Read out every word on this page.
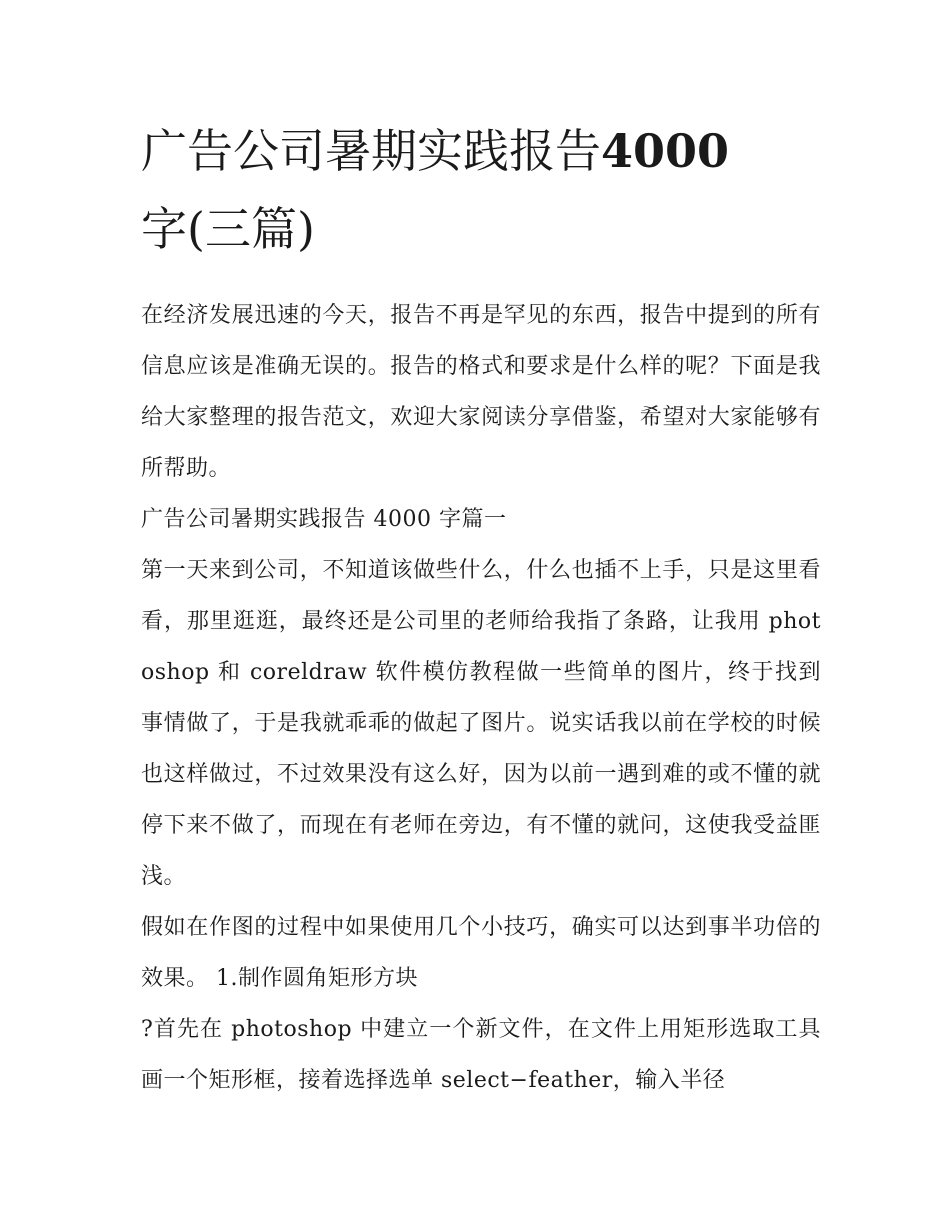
广告公司暑期实践报告4000
字(三篇)

在经济发展迅速的今天，报告不再是罕见的东西，报告中提到的所有信息应该是准确无误的。报告的格式和要求是什么样的呢？下面是我给大家整理的报告范文，欢迎大家阅读分享借鉴，希望对大家能够有所帮助。

广告公司暑期实践报告 4000 字篇一

第一天来到公司，不知道该做些什么，什么也插不上手，只是这里看看，那里逛逛，最终还是公司里的老师给我指了条路，让我用 photoshop 和 coreldraw 软件模仿教程做一些简单的图片，终于找到事情做了，于是我就乖乖的做起了图片。说实话我以前在学校的时候也这样做过，不过效果没有这么好，因为以前一遇到难的或不懂的就停下来不做了，而现在有老师在旁边，有不懂的就问，这使我受益匪浅。

假如在作图的过程中如果使用几个小技巧，确实可以达到事半功倍的效果。 1.制作圆角矩形方块

?首先在 photoshop 中建立一个新文件，在文件上用矩形选取工具画一个矩形框，接着选择选单 select−feather，输入半径
